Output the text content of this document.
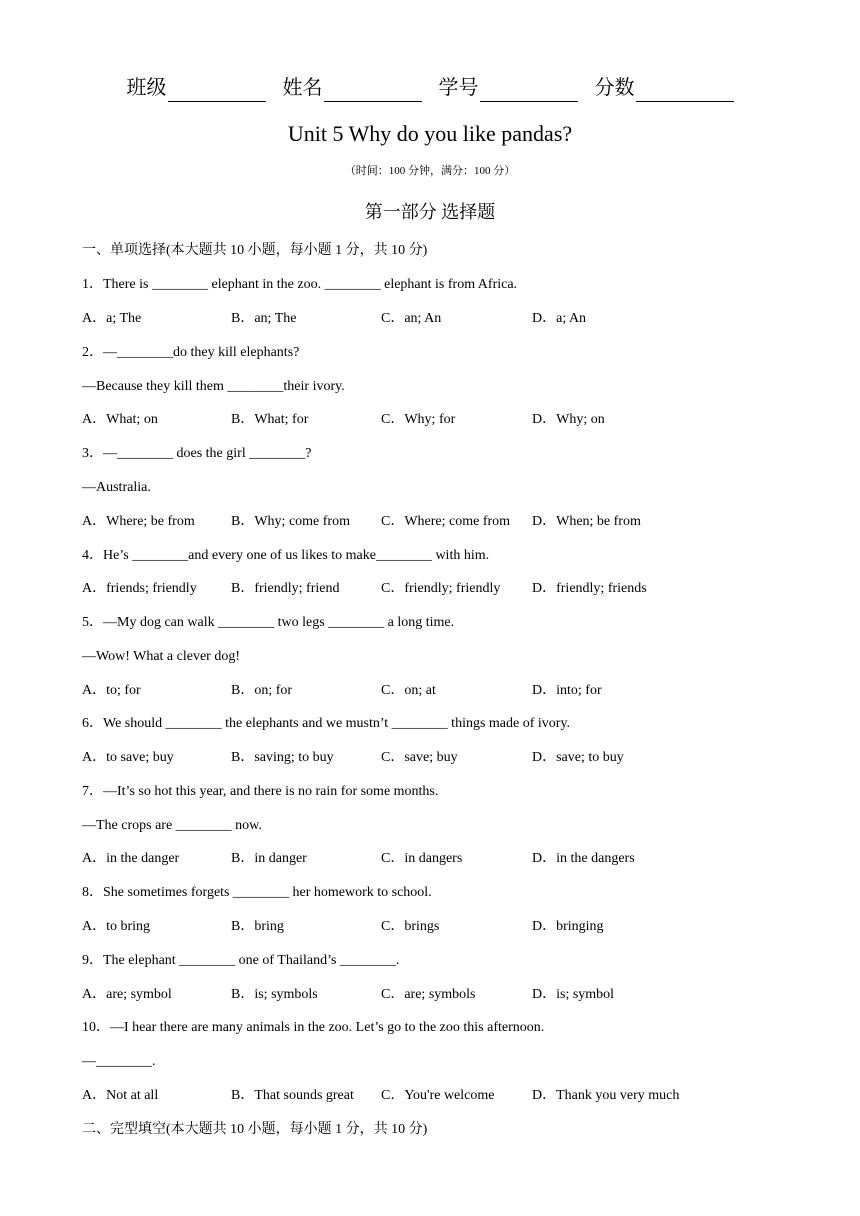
班级	姓名	学号	分数
Unit 5 Why do you like pandas?
（时间：100 分钟，满分：100 分）
第一部分 选择题
一、单项选择(本大题共 10 小题，每小题 1 分，共 10 分)
1．There is ________ elephant in the zoo. ________ elephant is from Africa.
A．a; The	B．an; The	C．an; An	D．a; An
2．—________do they kill elephants?
—Because they kill them ________their ivory.
A．What; on	B．What; for	C．Why; for	D．Why; on
3．—________ does the girl ________?
—Australia.
A．Where; be from	B．Why; come from C．Where; come from D．When; be from
4．He’s ________and every one of us likes to make________ with him.
A．friends; friendly B．friendly; friend	C．friendly; friendly D．friendly; friends
5．—My dog can walk ________ two legs ________ a long time.
—Wow! What a clever dog!
A．to; for	B．on; for	C．on; at	D．into; for
6．We should ________ the elephants and we mustn’t ________ things made of ivory.
A．to save; buy	B．saving; to buy	C．save; buy	D．save; to buy
7．—It’s so hot this year, and there is no rain for some months.
—The crops are ________ now.
A．in the danger	B．in danger	C．in dangers	D．in the dangers
8．She sometimes forgets ________ her homework to school.
A．to bring	B．bring	C．brings	D．bringing
9．The elephant ________ one of Thailand’s ________.
A．are; symbol	B．is; symbols	C．are; symbols	D．is; symbol
10．—I hear there are many animals in the zoo. Let’s go to the zoo this afternoon.
—________.
A．Not at all	B．That sounds great C．You're welcome	D．Thank you very much
二、完型填空(本大题共 10 小题，每小题 1 分，共 10 分)
